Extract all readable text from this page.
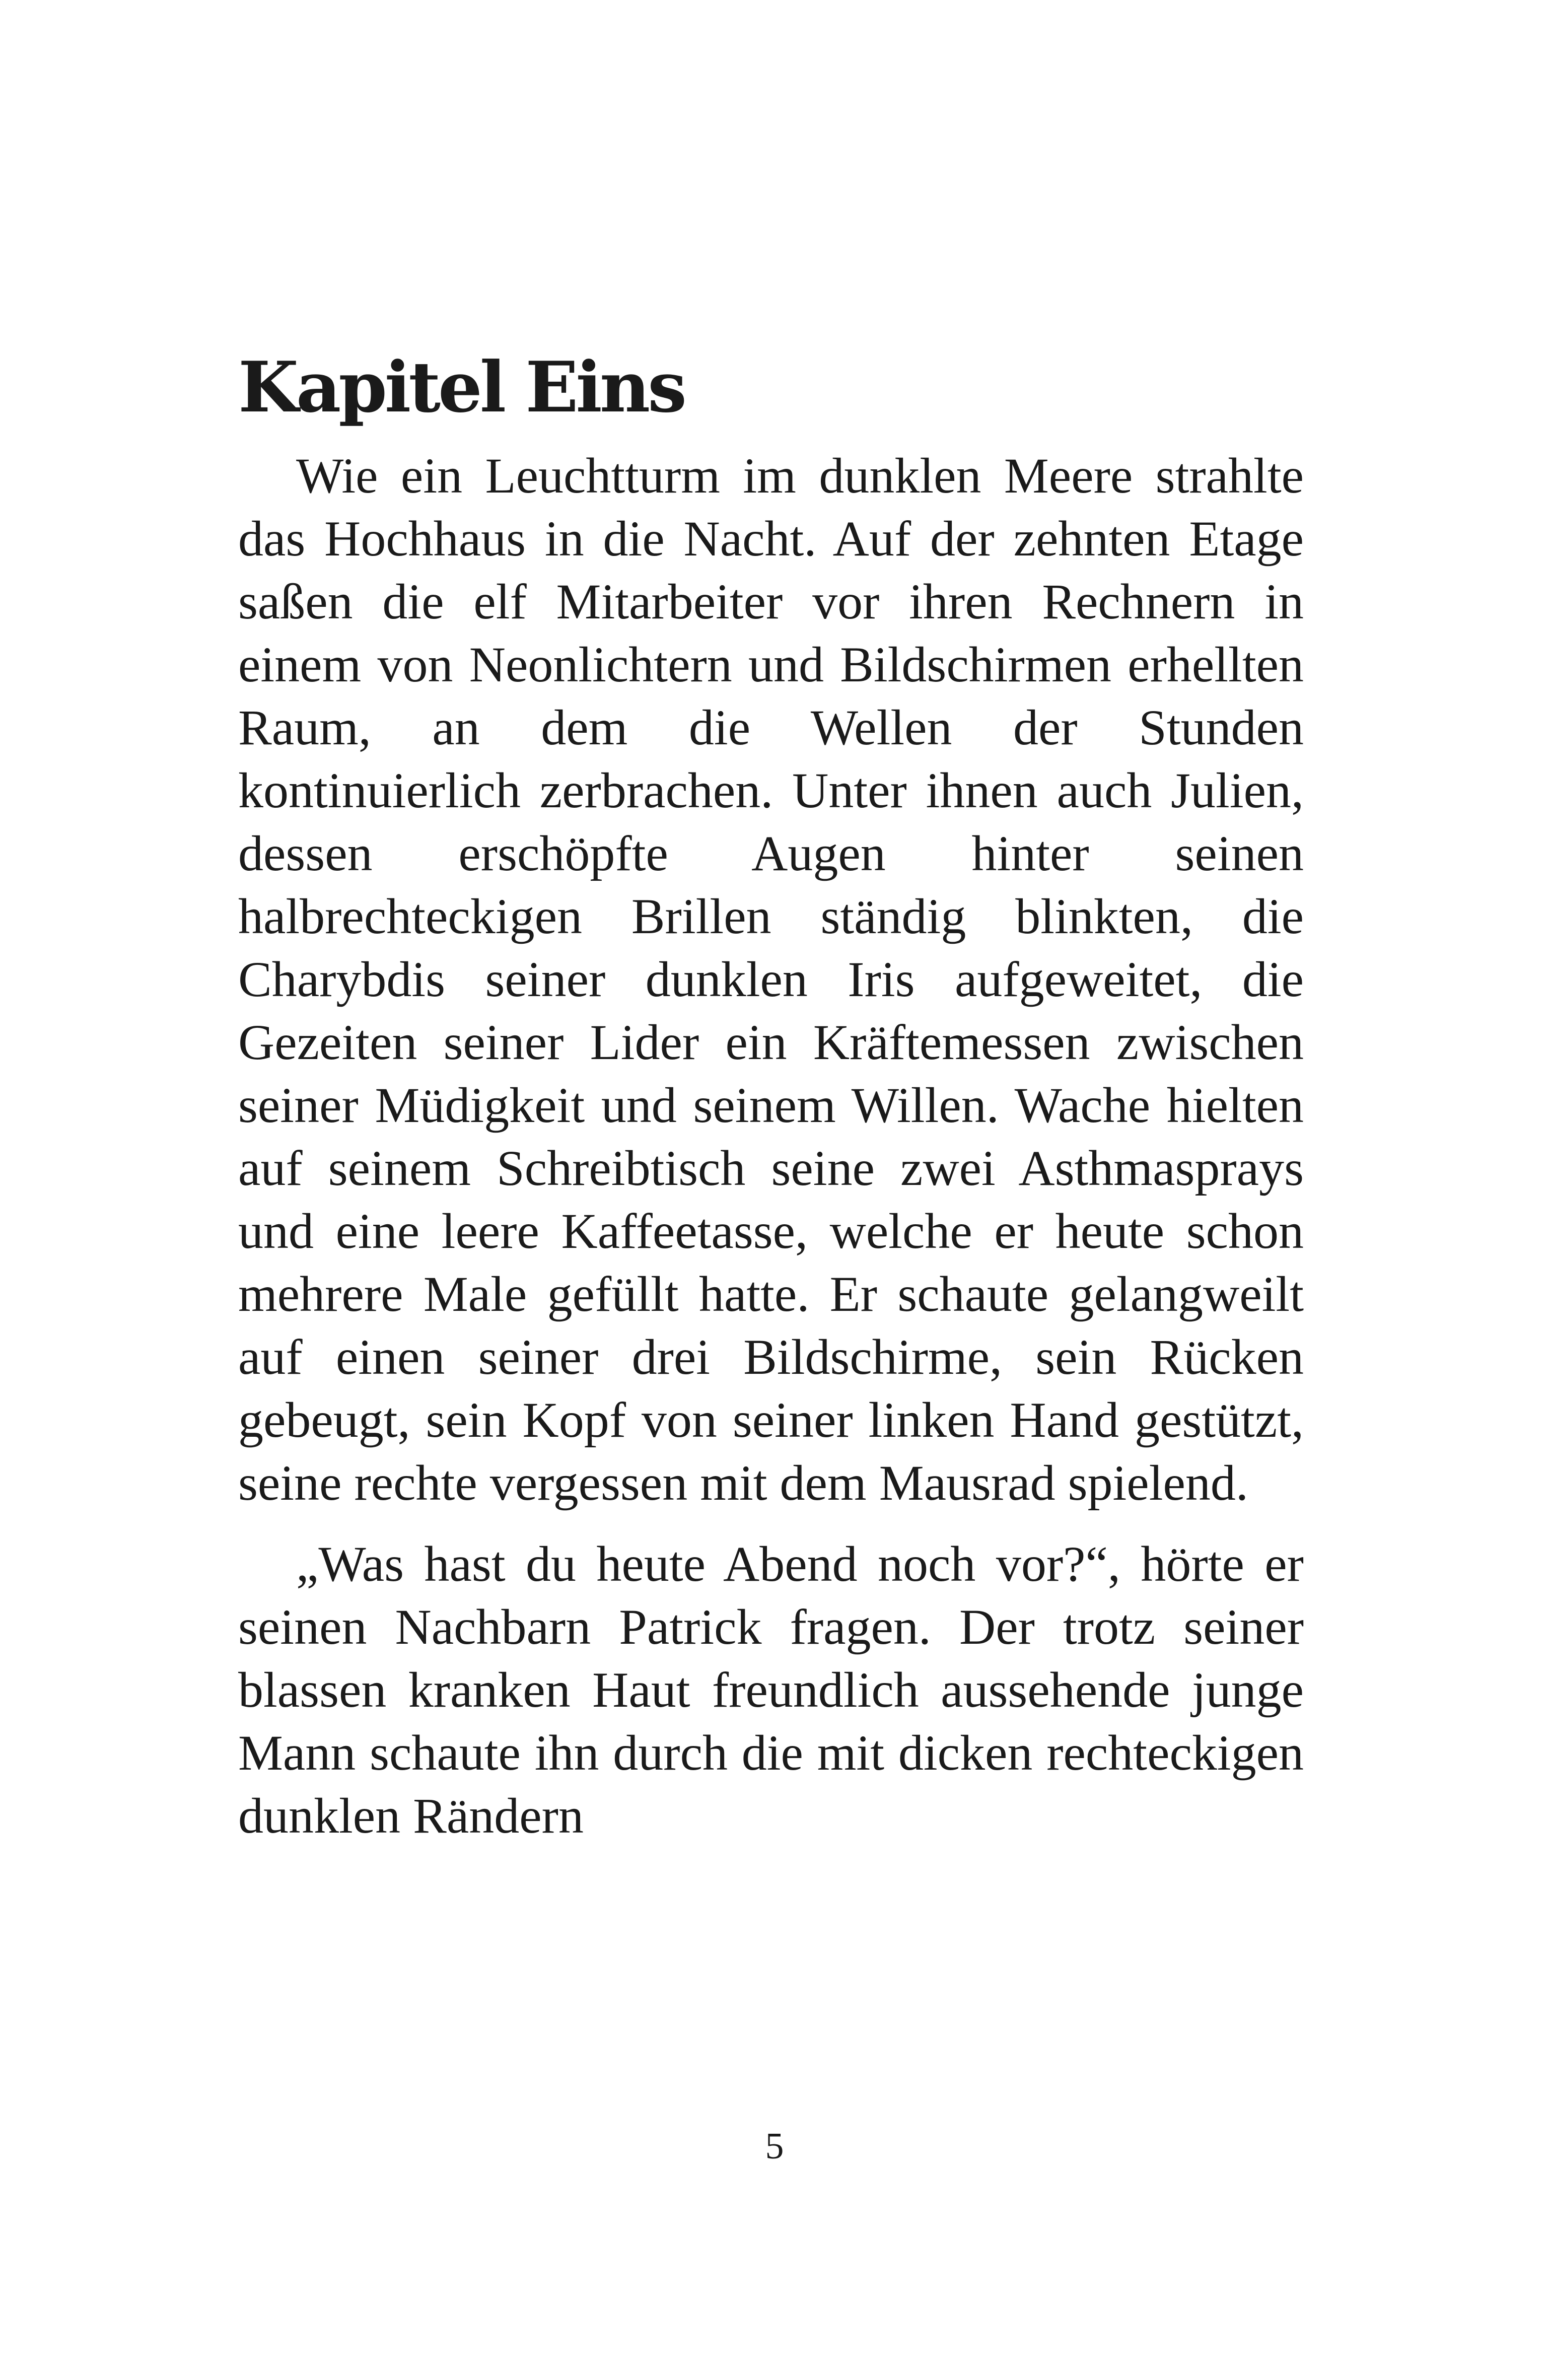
Kapitel Eins

Wie ein Leuchtturm im dunklen Meere strahlte das Hochhaus in die Nacht. Auf der zehnten Etage saßen die elf Mitarbeiter vor ihren Rechnern in einem von Neonlichtern und Bildschirmen erhellten Raum, an dem die Wellen der Stunden kontinuierlich zerbrachen. Unter ihnen auch Julien, dessen erschöpfte Augen hinter seinen halbrechteckigen Brillen ständig blinkten, die Charybdis seiner dunklen Iris aufgeweitet, die Gezeiten seiner Lider ein Kräftemessen zwischen seiner Müdigkeit und seinem Willen. Wache hielten auf seinem Schreibtisch seine zwei Asthmasprays und eine leere Kaffeetasse, welche er heute schon mehrere Male gefüllt hatte. Er schaute gelangweilt auf einen seiner drei Bildschirme, sein Rücken gebeugt, sein Kopf von seiner linken Hand gestützt, seine rechte vergessen mit dem Mausrad spielend.

„Was hast du heute Abend noch vor?“, hörte er seinen Nachbarn Patrick fragen. Der trotz seiner blassen kranken Haut freundlich aussehende junge Mann schaute ihn durch die mit dicken rechteckigen dunklen Rändern

5
